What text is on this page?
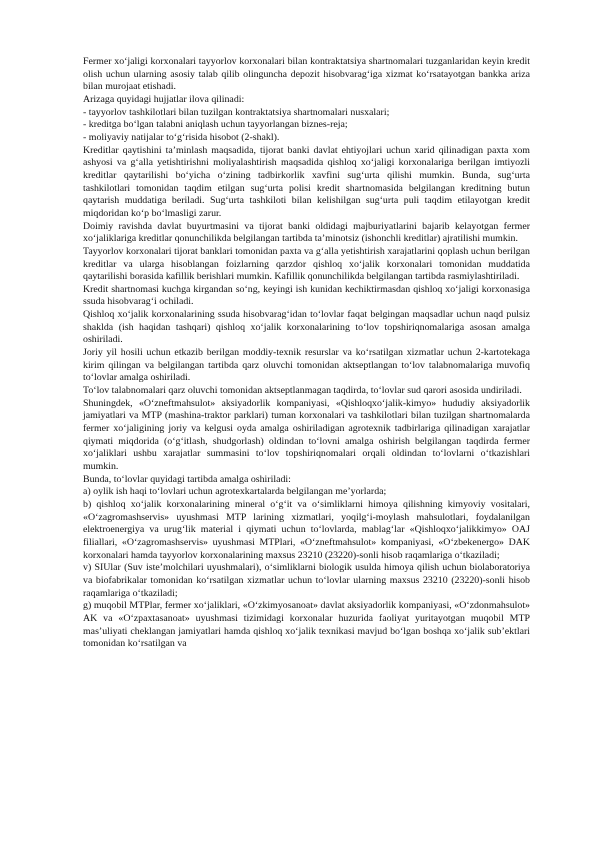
Fermer xo‘jaligi korxonalari tayyorlov korxonalari bilan kontraktatsiya shartnomalari tuzganlaridan keyin kredit olish uchun ularning asosiy talab qilib olinguncha depozit hisobvarag‘iga xizmat ko‘rsatayotgan bankka ariza bilan murojaat etishadi.

Arizaga quyidagi hujjatlar ilova qilinadi:

- tayyorlov tashkilotlari bilan tuzilgan kontraktatsiya shartnomalari nusxalari;

- kreditga bo‘lgan talabni aniqlash uchun tayyorlangan biznes-reja;

- moliyaviy natijalar to‘g‘risida hisobot (2-shakl).

Kreditlar qaytishini ta’minlash maqsadida, tijorat banki davlat ehtiyojlari uchun xarid qilinadigan paxta xom ashyosi va g‘alla yetishtirishni moliyalashtirish maqsadida qishloq xo‘jaligi korxonalariga berilgan imtiyozli kreditlar qaytarilishi bo‘yicha o‘zining tadbirkorlik xavfini sug‘urta qilishi mumkin. Bunda, sug‘urta tashkilotlari tomonidan taqdim etilgan sug‘urta polisi kredit shartnomasida belgilangan kreditning butun qaytarish muddatiga beriladi. Sug‘urta tashkiloti bilan kelishilgan sug‘urta puli taqdim etilayotgan kredit miqdoridan ko‘p bo‘lmasligi zarur.

Doimiy ravishda davlat buyurtmasini va tijorat banki oldidagi majburiyatlarini bajarib kelayotgan fermer xo‘jaliklariga kreditlar qonunchilikda belgilangan tartibda ta’minotsiz (ishonchli kreditlar) ajratilishi mumkin.

Tayyorlov korxonalari tijorat banklari tomonidan paxta va g‘alla yetishtirish xarajatlarini qoplash uchun berilgan kreditlar va ularga hisoblangan foizlarning qarzdor qishloq xo‘jalik korxonalari tomonidan muddatida qaytarilishi borasida kafillik berishlari mumkin. Kafillik qonunchilikda belgilangan tartibda rasmiylashtiriladi.

Kredit shartnomasi kuchga kirgandan so‘ng, keyingi ish kunidan kechiktirmasdan qishloq xo‘jaligi korxonasiga ssuda hisobvarag‘i ochiladi.

Qishloq xo‘jalik korxonalarining ssuda hisobvarag‘idan to‘lovlar faqat belgingan maqsadlar uchun naqd pulsiz shaklda (ish haqidan tashqari) qishloq xo‘jalik korxonalarining to‘lov topshiriqnomalariga asosan amalga oshiriladi.

Joriy yil hosili uchun etkazib berilgan moddiy-texnik resurslar va ko‘rsatilgan xizmatlar uchun 2-kartotekaga kirim qilingan va belgilangan tartibda qarz oluvchi tomonidan aktseptlangan to‘lov talabnomalariga muvofiq to‘lovlar amalga oshiriladi.

To‘lov talabnomalari qarz oluvchi tomonidan aktseptlanmagan taqdirda, to‘lovlar sud qarori asosida undiriladi.

Shuningdek, «O‘zneftmahsulot» aksiyadorlik kompaniyasi, «Qishloqxo‘jalik-kimyo» hududiy aksiyadorlik jamiyatlari va MTP (mashina-traktor parklari) tuman korxonalari va tashkilotlari bilan tuzilgan shartnomalarda fermer xo‘jaligining joriy va kelgusi oyda amalga oshiriladigan agrotexnik tadbirlariga qilinadigan xarajatlar qiymati miqdorida (o‘g‘itlash, shudgorlash) oldindan to‘lovni amalga oshirish belgilangan taqdirda fermer xo‘jaliklari ushbu xarajatlar summasini to‘lov topshiriqnomalari orqali oldindan to‘lovlarni o‘tkazishlari mumkin.

Bunda, to‘lovlar quyidagi tartibda amalga oshiriladi:

a) oylik ish haqi to‘lovlari uchun agrotexkartalarda belgilangan me’yorlarda;

b) qishloq xo‘jalik korxonalarining mineral o‘g‘it va o‘simliklarni himoya qilishning kimyoviy vositalari, «O‘zagromashservis» uyushmasi MTP larining xizmatlari, yoqilg‘i-moylash mahsulotlari, foydalanilgan elektroenergiya va urug‘lik material i qiymati uchun to‘lovlarda, mablag‘lar «Qishloqxo‘jalikkimyo» OAJ filiallari, «O‘zagromashservis» uyushmasi MTPlari, «O‘zneftmahsulot» kompaniyasi, «O‘zbekenergo» DAK korxonalari hamda tayyorlov korxonalarining maxsus 23210 (23220)-sonli hisob raqamlariga o‘tkaziladi;

v) SIUlar (Suv iste’molchilari uyushmalari), o‘simliklarni biologik usulda himoya qilish uchun biolaboratoriya va biofabrikalar tomonidan ko‘rsatilgan xizmatlar uchun to‘lovlar ularning maxsus 23210 (23220)-sonli hisob raqamlariga o‘tkaziladi;

g) muqobil MTPlar, fermer xo‘jaliklari, «O‘zkimyosanoat» davlat aksiyadorlik kompaniyasi, «O‘zdonmahsulot» AK va «O‘zpaxtasanoat» uyushmasi tizimidagi korxonalar huzurida faoliyat yuritayotgan muqobil MTP mas’uliyati cheklangan jamiyatlari hamda qishloq xo‘jalik texnikasi mavjud bo‘lgan boshqa xo‘jalik sub’ektlari tomonidan ko‘rsatilgan va
